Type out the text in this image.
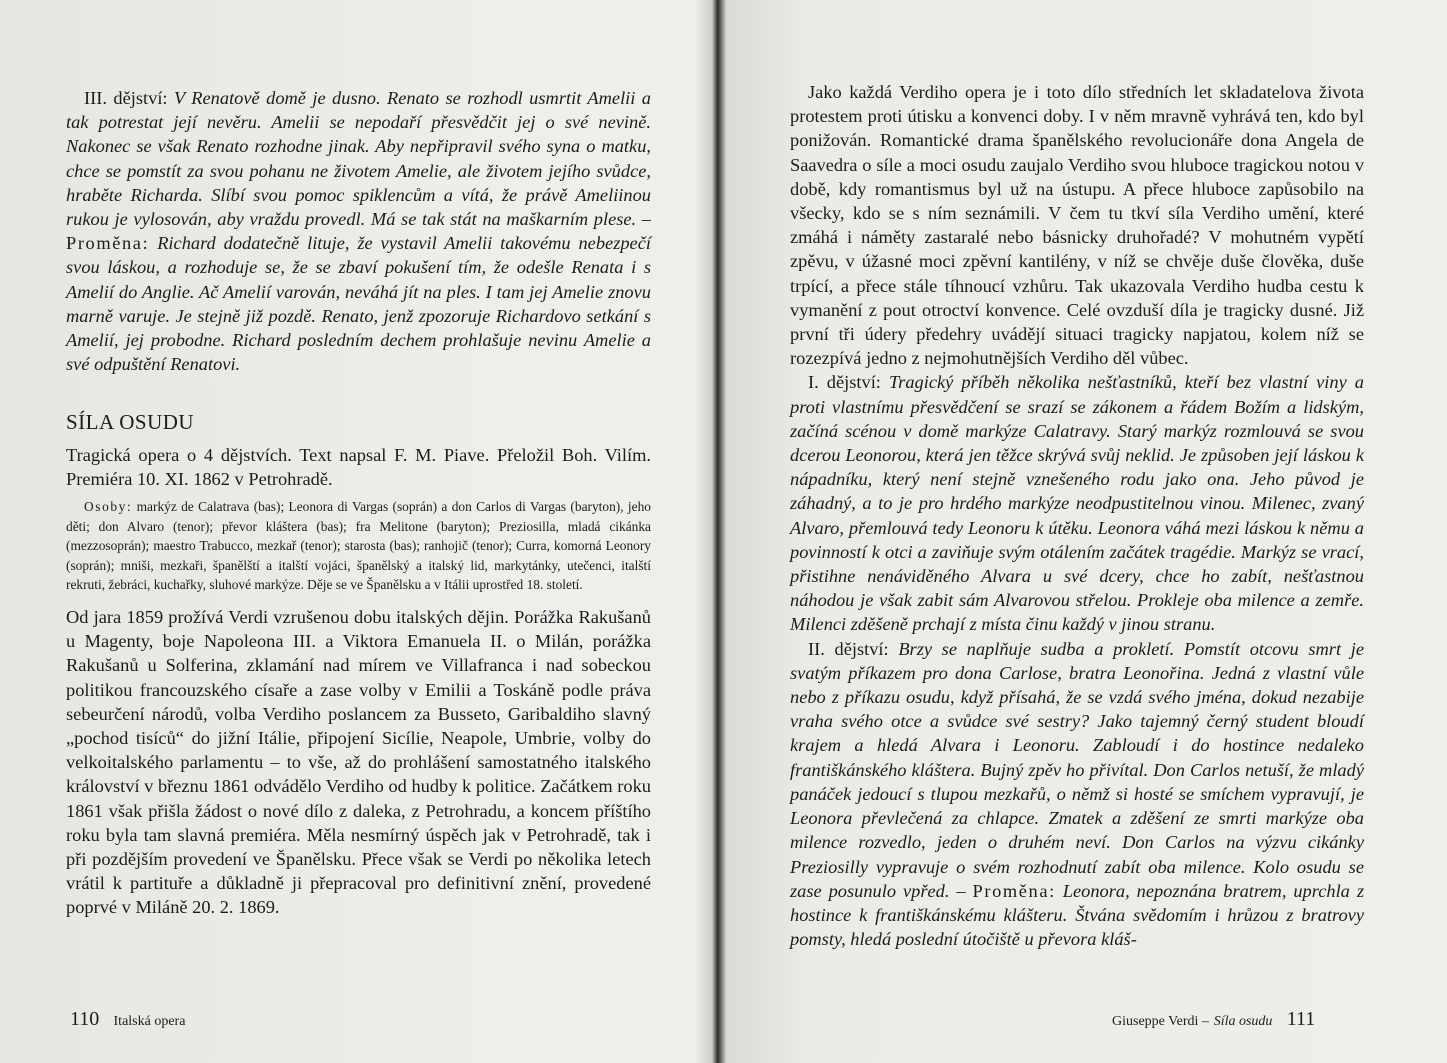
III. dějství: V Renatově domě je dusno. Renato se rozhodl usmrtit Amelii a tak potrestat její nevěru. Amelii se nepodaří přesvědčit jej o své nevině. Nakonec se však Renato rozhodne jinak. Aby nepřipravil svého syna o matku, chce se pomstít za svou pohanu ne životem Amelie, ale životem jejího svůdce, hraběte Richarda. Slíbí svou pomoc spiklencům a vítá, že právě Ameliinou rukou je vylosován, aby vraždu provedl. Má se tak stát na maškarním plese. – Proměna: Richard dodatečně lituje, že vystavil Amelii takovému nebezpečí svou láskou, a rozhoduje se, že se zbaví pokušení tím, že odešle Renata i s Amelií do Anglie. Ač Amelií varován, neváhá jít na ples. I tam jej Amelie znovu marně varuje. Je stejně již pozdě. Renato, jenž zpozoruje Richardovo setkání s Amelií, jej probodne. Richard posledním dechem prohlašuje nevinu Amelie a své odpuštění Renatovi.

SÍLA OSUDU

Tragická opera o 4 dějstvích. Text napsal F. M. Piave. Přeložil Boh. Vilím. Premiéra 10. XI. 1862 v Petrohradě.

Osoby: markýz de Calatrava (bas); Leonora di Vargas (soprán) a don Carlos di Vargas (baryton), jeho děti; don Alvaro (tenor); převor kláštera (bas); fra Melitone (baryton); Preziosilla, mladá cikánka (mezzosoprán); maestro Trabucco, mezkař (tenor); starosta (bas); ranhojič (tenor); Curra, komorná Leonory (soprán); mniši, mezkaři, španělští a italští vojáci, španělský a italský lid, markytánky, utečenci, italští rekruti, žebráci, kuchařky, sluhové markýze. Děje se ve Španělsku a v Itálii uprostřed 18. století.

Od jara 1859 prožívá Verdi vzrušenou dobu italských dějin. Porážka Rakušanů u Magenty, boje Napoleona III. a Viktora Emanuela II. o Milán, porážka Rakušanů u Solferina, zklamání nad mírem ve Villafranca i nad sobeckou politikou francouzského císaře a zase volby v Emilii a Toskáně podle práva sebeurčení národů, volba Verdiho poslancem za Busseto, Garibaldiho slavný „pochod tisíců“ do jižní Itálie, připojení Sicílie, Neapole, Umbrie, volby do velkoitalského parlamentu – to vše, až do prohlášení samostatného italského království v březnu 1861 odvádělo Verdiho od hudby k politice. Začátkem roku 1861 však přišla žádost o nové dílo z daleka, z Petrohradu, a koncem příštího roku byla tam slavná premiéra. Měla nesmírný úspěch jak v Petrohradě, tak i při pozdějším provedení ve Španělsku. Přece však se Verdi po několika letech vrátil k partituře a důkladně ji přepracoval pro definitivní znění, provedené poprvé v Miláně 20. 2. 1869.

110 Italská opera

Jako každá Verdiho opera je i toto dílo středních let skladatelova života protestem proti útisku a konvenci doby. I v něm mravně vyhrává ten, kdo byl ponižován. Romantické drama španělského revolucionáře dona Angela de Saavedra o síle a moci osudu zaujalo Verdiho svou hluboce tragickou notou v době, kdy romantismus byl už na ústupu. A přece hluboce zapůsobilo na všecky, kdo se s ním seznámili. V čem tu tkví síla Verdiho umění, které zmáhá i náměty zastaralé nebo básnicky druhořadé? V mohutném vypětí zpěvu, v úžasné moci zpěvní kantilény, v níž se chvěje duše člověka, duše trpící, a přece stále tíhnoucí vzhůru. Tak ukazovala Verdiho hudba cestu k vymanění z pout otroctví konvence. Celé ovzduší díla je tragicky dusné. Již první tři údery předehry uvádějí situaci tragicky napjatou, kolem níž se rozezpívá jedno z nejmohutnějších Verdiho děl vůbec.

I. dějství: Tragický příběh několika nešťastníků, kteří bez vlastní viny a proti vlastnímu přesvědčení se srazí se zákonem a řádem Božím a lidským, začíná scénou v domě markýze Calatravy. Starý markýz rozmlouvá se svou dcerou Leonorou, která jen těžce skrývá svůj neklid. Je způsoben její láskou k nápadníku, který není stejně vznešeného rodu jako ona. Jeho původ je záhadný, a to je pro hrdého markýze neodpustitelnou vinou. Milenec, zvaný Alvaro, přemlouvá tedy Leonoru k útěku. Leonora váhá mezi láskou k němu a povinností k otci a zaviňuje svým otálením začátek tragédie. Markýz se vrací, přistihne nenáviděného Alvara u své dcery, chce ho zabít, nešťastnou náhodou je však zabit sám Alvarovou střelou. Prokleje oba milence a zemře. Milenci zděšeně prchají z místa činu každý v jinou stranu.

II. dějství: Brzy se naplňuje sudba a prokletí. Pomstít otcovu smrt je svatým příkazem pro dona Carlose, bratra Leonořina. Jedná z vlastní vůle nebo z příkazu osudu, když přísahá, že se vzdá svého jména, dokud nezabije vraha svého otce a svůdce své sestry? Jako tajemný černý student bloudí krajem a hledá Alvara i Leonoru. Zabloudí i do hostince nedaleko františkánského kláštera. Bujný zpěv ho přivítal. Don Carlos netuší, že mladý panáček jedoucí s tlupou mezkařů, o němž si hosté se smíchem vypravují, je Leonora převlečená za chlapce. Zmatek a zděšení ze smrti markýze oba milence rozvedlo, jeden o druhém neví. Don Carlos na výzvu cikánky Preziosilly vypravuje o svém rozhodnutí zabít oba milence. Kolo osudu se zase posunulo vpřed. – Proměna: Leonora, nepoznána bratrem, uprchla z hostince k františkánskému klášteru. Štvána svědomím i hrůzou z bratrovy pomsty, hledá poslední útočiště u převora kláš-

Giuseppe Verdi – Síla osudu 111
